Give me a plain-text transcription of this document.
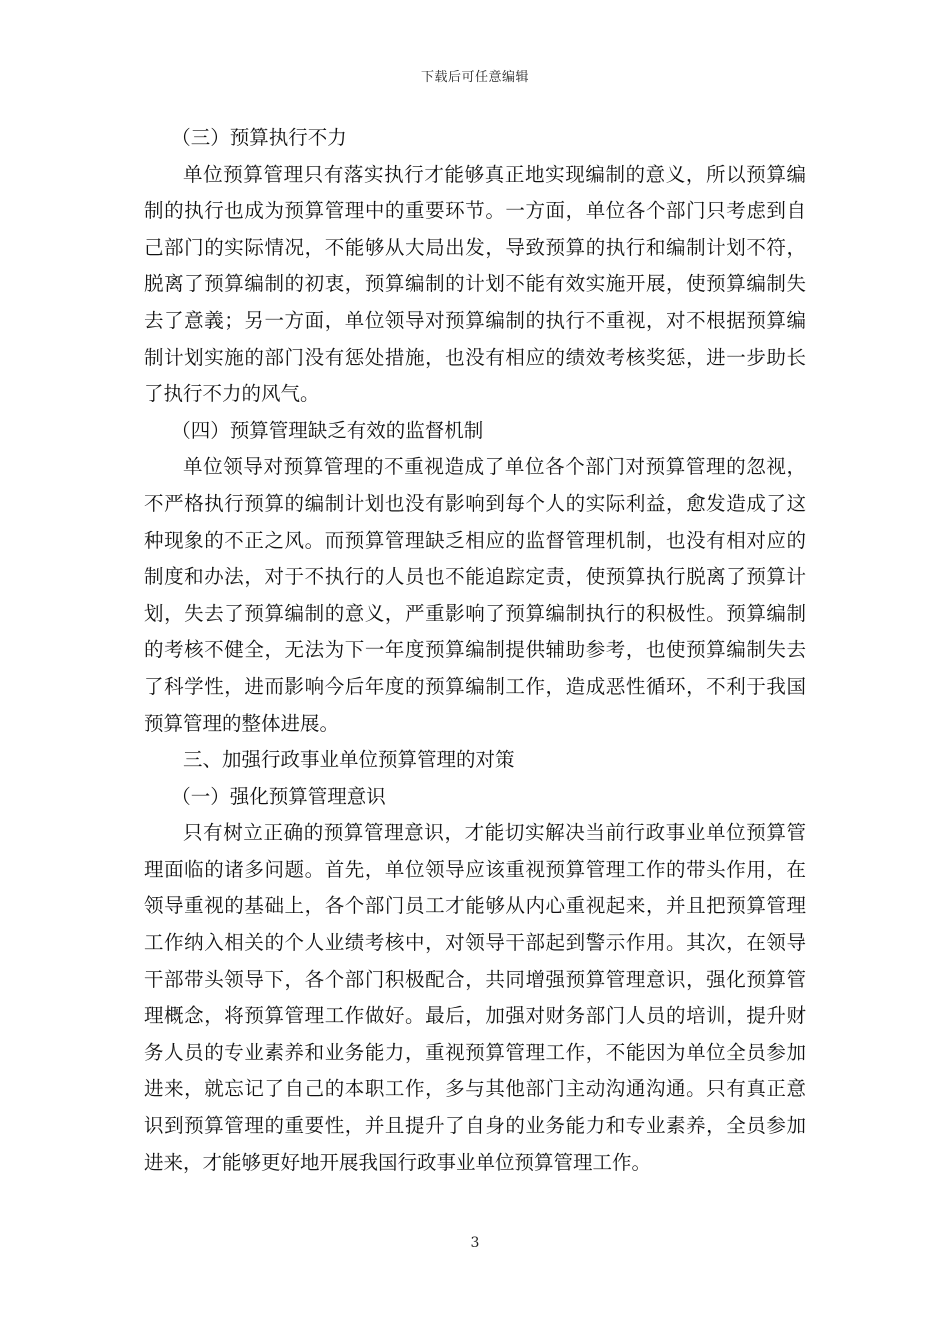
下载后可任意编辑

（三）预算执行不力

单位预算管理只有落实执行才能够真正地实现编制的意义，所以预算编制的执行也成为预算管理中的重要环节。一方面，单位各个部门只考虑到自己部门的实际情况，不能够从大局出发，导致预算的执行和编制计划不符，脱离了预算编制的初衷，预算编制的计划不能有效实施开展，使预算编制失去了意義；另一方面，单位领导对预算编制的执行不重视，对不根据预算编制计划实施的部门没有惩处措施，也没有相应的绩效考核奖惩，进一步助长了执行不力的风气。

（四）预算管理缺乏有效的监督机制

单位领导对预算管理的不重视造成了单位各个部门对预算管理的忽视，不严格执行预算的编制计划也没有影响到每个人的实际利益，愈发造成了这种现象的不正之风。而预算管理缺乏相应的监督管理机制，也没有相对应的制度和办法，对于不执行的人员也不能追踪定责，使预算执行脱离了预算计划，失去了预算编制的意义，严重影响了预算编制执行的积极性。预算编制的考核不健全，无法为下一年度预算编制提供辅助参考，也使预算编制失去了科学性，进而影响今后年度的预算编制工作，造成恶性循环，不利于我国预算管理的整体进展。

三、加强行政事业单位预算管理的对策

（一）强化预算管理意识

只有树立正确的预算管理意识，才能切实解决当前行政事业单位预算管理面临的诸多问题。首先，单位领导应该重视预算管理工作的带头作用，在领导重视的基础上，各个部门员工才能够从内心重视起来，并且把预算管理工作纳入相关的个人业绩考核中，对领导干部起到警示作用。其次，在领导干部带头领导下，各个部门积极配合，共同增强预算管理意识，强化预算管理概念，将预算管理工作做好。最后，加强对财务部门人员的培训，提升财务人员的专业素养和业务能力，重视预算管理工作，不能因为单位全员参加进来，就忘记了自己的本职工作，多与其他部门主动沟通沟通。只有真正意识到预算管理的重要性，并且提升了自身的业务能力和专业素养，全员参加进来，才能够更好地开展我国行政事业单位预算管理工作。

3
